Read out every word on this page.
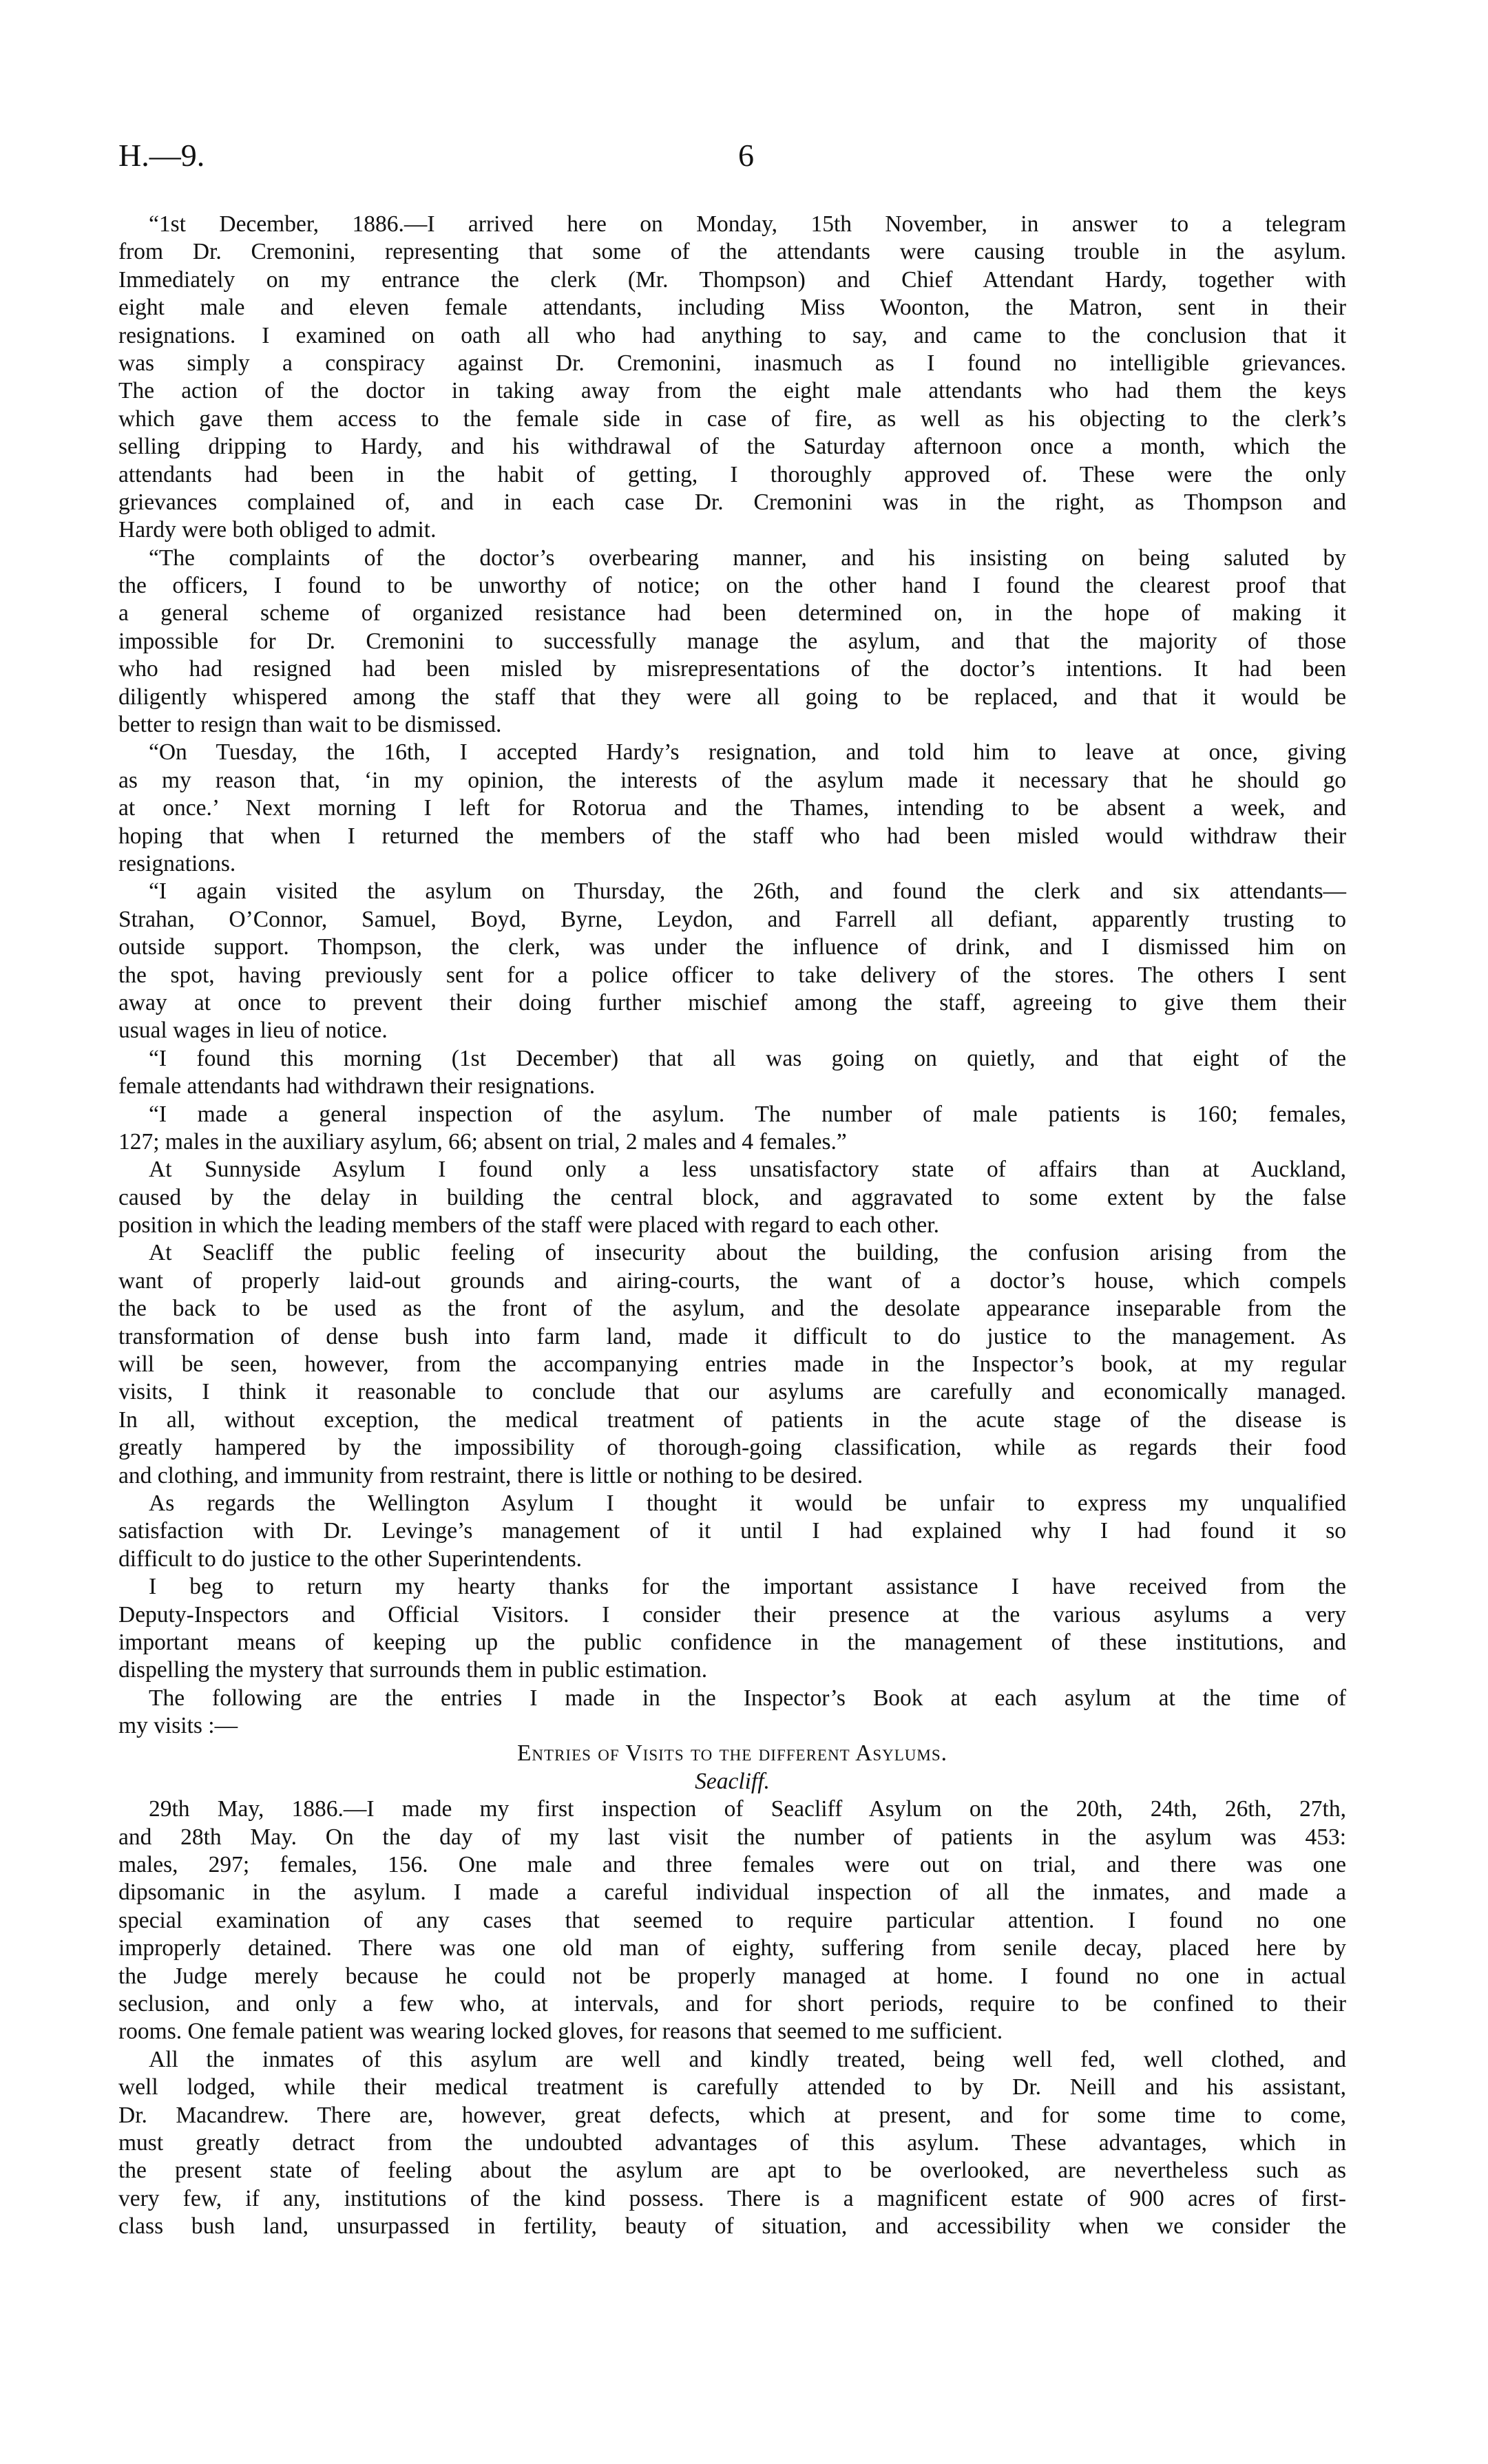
H.—9.	6
“1st December, 1886.—I arrived here on Monday, 15th November, in answer to a telegram
from Dr. Cremonini, representing that some of the attendants were causing trouble in the asylum.
Immediately on my entrance the clerk (Mr. Thompson) and Chief Attendant Hardy, together with
eight male and eleven female attendants, including Miss Woonton, the Matron, sent in their
resignations. I examined on oath all who had anything to say, and came to the conclusion that it
was simply a conspiracy against Dr. Cremonini, inasmuch as I found no intelligible grievances.
The action of the doctor in taking away from the eight male attendants who had them the keys
which gave them access to the female side in case of fire, as well as his objecting to the clerk’s
selling dripping to Hardy, and his withdrawal of the Saturday afternoon once a month, which the
attendants had been in the habit of getting, I thoroughly approved of. These were the only
grievances complained of, and in each case Dr. Cremonini was in the right, as Thompson and
Hardy were both obliged to admit.
“The complaints of the doctor’s overbearing manner, and his insisting on being saluted by
the officers, I found to be unworthy of notice; on the other hand I found the clearest proof that
a general scheme of organized resistance had been determined on, in the hope of making it
impossible for Dr. Cremonini to successfully manage the asylum, and that the majority of those
who had resigned had been misled by misrepresentations of the doctor’s intentions. It had been
diligently whispered among the staff that they were all going to be replaced, and that it would be
better to resign than wait to be dismissed.
“On Tuesday, the 16th, I accepted Hardy’s resignation, and told him to leave at once, giving
as my reason that, ‘in my opinion, the interests of the asylum made it necessary that he should go
at once.’ Next morning I left for Rotorua and the Thames, intending to be absent a week, and
hoping that when I returned the members of the staff who had been misled would withdraw their
resignations.
“I again visited the asylum on Thursday, the 26th, and found the clerk and six attendants—
Strahan, O’Connor, Samuel, Boyd, Byrne, Leydon, and Farrell all defiant, apparently trusting to
outside support. Thompson, the clerk, was under the influence of drink, and I dismissed him on
the spot, having previously sent for a police officer to take delivery of the stores. The others I sent
away at once to prevent their doing further mischief among the staff, agreeing to give them their
usual wages in lieu of notice.
“I found this morning (1st December) that all was going on quietly, and that eight of the
female attendants had withdrawn their resignations.
“I made a general inspection of the asylum. The number of male patients is 160; females,
127; males in the auxiliary asylum, 66; absent on trial, 2 males and 4 females.”
At Sunnyside Asylum I found only a less unsatisfactory state of affairs than at Auckland,
caused by the delay in building the central block, and aggravated to some extent by the false
position in which the leading members of the staff were placed with regard to each other.
At Seacliff the public feeling of insecurity about the building, the confusion arising from the
want of properly laid-out grounds and airing-courts, the want of a doctor’s house, which compels
the back to be used as the front of the asylum, and the desolate appearance inseparable from the
transformation of dense bush into farm land, made it difficult to do justice to the management. As
will be seen, however, from the accompanying entries made in the Inspector’s book, at my regular
visits, I think it reasonable to conclude that our asylums are carefully and economically managed.
In all, without exception, the medical treatment of patients in the acute stage of the disease is
greatly hampered by the impossibility of thorough-going classification, while as regards their food
and clothing, and immunity from restraint, there is little or nothing to be desired.
As regards the Wellington Asylum I thought it would be unfair to express my unqualified
satisfaction with Dr. Levinge’s management of it until I had explained why I had found it so
difficult to do justice to the other Superintendents.
I beg to return my hearty thanks for the important assistance I have received from the
Deputy-Inspectors and Official Visitors. I consider their presence at the various asylums a very
important means of keeping up the public confidence in the management of these institutions, and
dispelling the mystery that surrounds them in public estimation.
The following are the entries I made in the Inspector’s Book at each asylum at the time of
my visits :—
Entries of Visits to the different Asylums.
Seacliff.
29th May, 1886.—I made my first inspection of Seacliff Asylum on the 20th, 24th, 26th, 27th,
and 28th May. On the day of my last visit the number of patients in the asylum was 453:
males, 297; females, 156. One male and three females were out on trial, and there was one
dipsomanic in the asylum. I made a careful individual inspection of all the inmates, and made a
special examination of any cases that seemed to require particular attention. I found no one
improperly detained. There was one old man of eighty, suffering from senile decay, placed here by
the Judge merely because he could not be properly managed at home. I found no one in actual
seclusion, and only a few who, at intervals, and for short periods, require to be confined to their
rooms. One female patient was wearing locked gloves, for reasons that seemed to me sufficient.
All the inmates of this asylum are well and kindly treated, being well fed, well clothed, and
well lodged, while their medical treatment is carefully attended to by Dr. Neill and his assistant,
Dr. Macandrew. There are, however, great defects, which at present, and for some time to come,
must greatly detract from the undoubted advantages of this asylum. These advantages, which in
the present state of feeling about the asylum are apt to be overlooked, are nevertheless such as
very few, if any, institutions of the kind possess. There is a magnificent estate of 900 acres of first-
class bush land, unsurpassed in fertility, beauty of situation, and accessibility when we consider the
